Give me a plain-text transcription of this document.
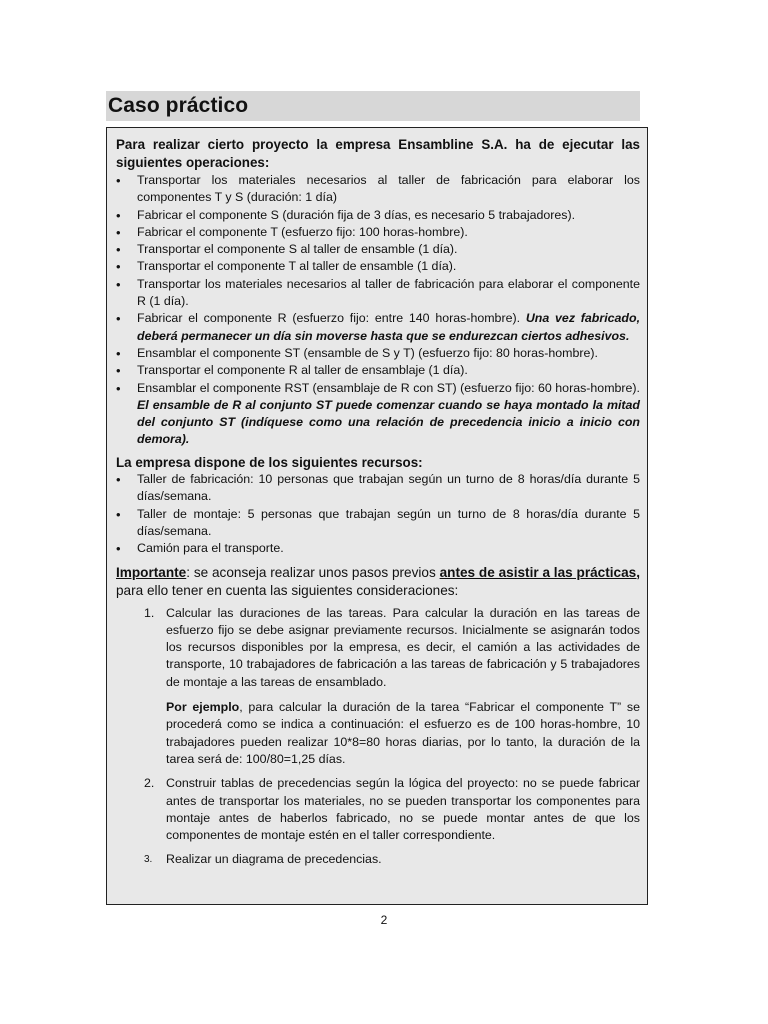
Caso práctico

Para realizar cierto proyecto la empresa Ensambline S.A. ha de ejecutar las siguientes operaciones:

• Transportar los materiales necesarios al taller de fabricación para elaborar los componentes T y S (duración: 1 día)
• Fabricar el componente S (duración fija de 3 días, es necesario 5 trabajadores).
• Fabricar el componente T (esfuerzo fijo: 100 horas-hombre).
• Transportar el componente S al taller de ensamble (1 día).
• Transportar el componente T al taller de ensamble (1 día).
• Transportar los materiales necesarios al taller de fabricación para elaborar el componente R (1 día).
• Fabricar el componente R (esfuerzo fijo: entre 140 horas-hombre). Una vez fabricado, deberá permanecer un día sin moverse hasta que se endurezcan ciertos adhesivos.
• Ensamblar el componente ST (ensamble de S y T) (esfuerzo fijo: 80 horas-hombre).
• Transportar el componente R al taller de ensamblaje (1 día).
• Ensamblar el componente RST (ensamblaje de R con ST) (esfuerzo fijo: 60 horas-hombre). El ensamble de R al conjunto ST puede comenzar cuando se haya montado la mitad del conjunto ST (indíquese como una relación de precedencia inicio a inicio con demora).

La empresa dispone de los siguientes recursos:

• Taller de fabricación: 10 personas que trabajan según un turno de 8 horas/día durante 5 días/semana.
• Taller de montaje: 5 personas que trabajan según un turno de 8 horas/día durante 5 días/semana.
• Camión para el transporte.

Importante: se aconseja realizar unos pasos previos antes de asistir a las prácticas, para ello tener en cuenta las siguientes consideraciones:

1. Calcular las duraciones de las tareas. Para calcular la duración en las tareas de esfuerzo fijo se debe asignar previamente recursos. Inicialmente se asignarán todos los recursos disponibles por la empresa, es decir, el camión a las actividades de transporte, 10 trabajadores de fabricación a las tareas de fabricación y 5 trabajadores de montaje a las tareas de ensamblado.
Por ejemplo, para calcular la duración de la tarea “Fabricar el componente T” se procederá como se indica a continuación: el esfuerzo es de 100 horas-hombre, 10 trabajadores pueden realizar 10*8=80 horas diarias, por lo tanto, la duración de la tarea será de: 100/80=1,25 días.
2. Construir tablas de precedencias según la lógica del proyecto: no se puede fabricar antes de transportar los materiales, no se pueden transportar los componentes para montaje antes de haberlos fabricado, no se puede montar antes de que los componentes de montaje estén en el taller correspondiente.
3. Realizar un diagrama de precedencias.
2
